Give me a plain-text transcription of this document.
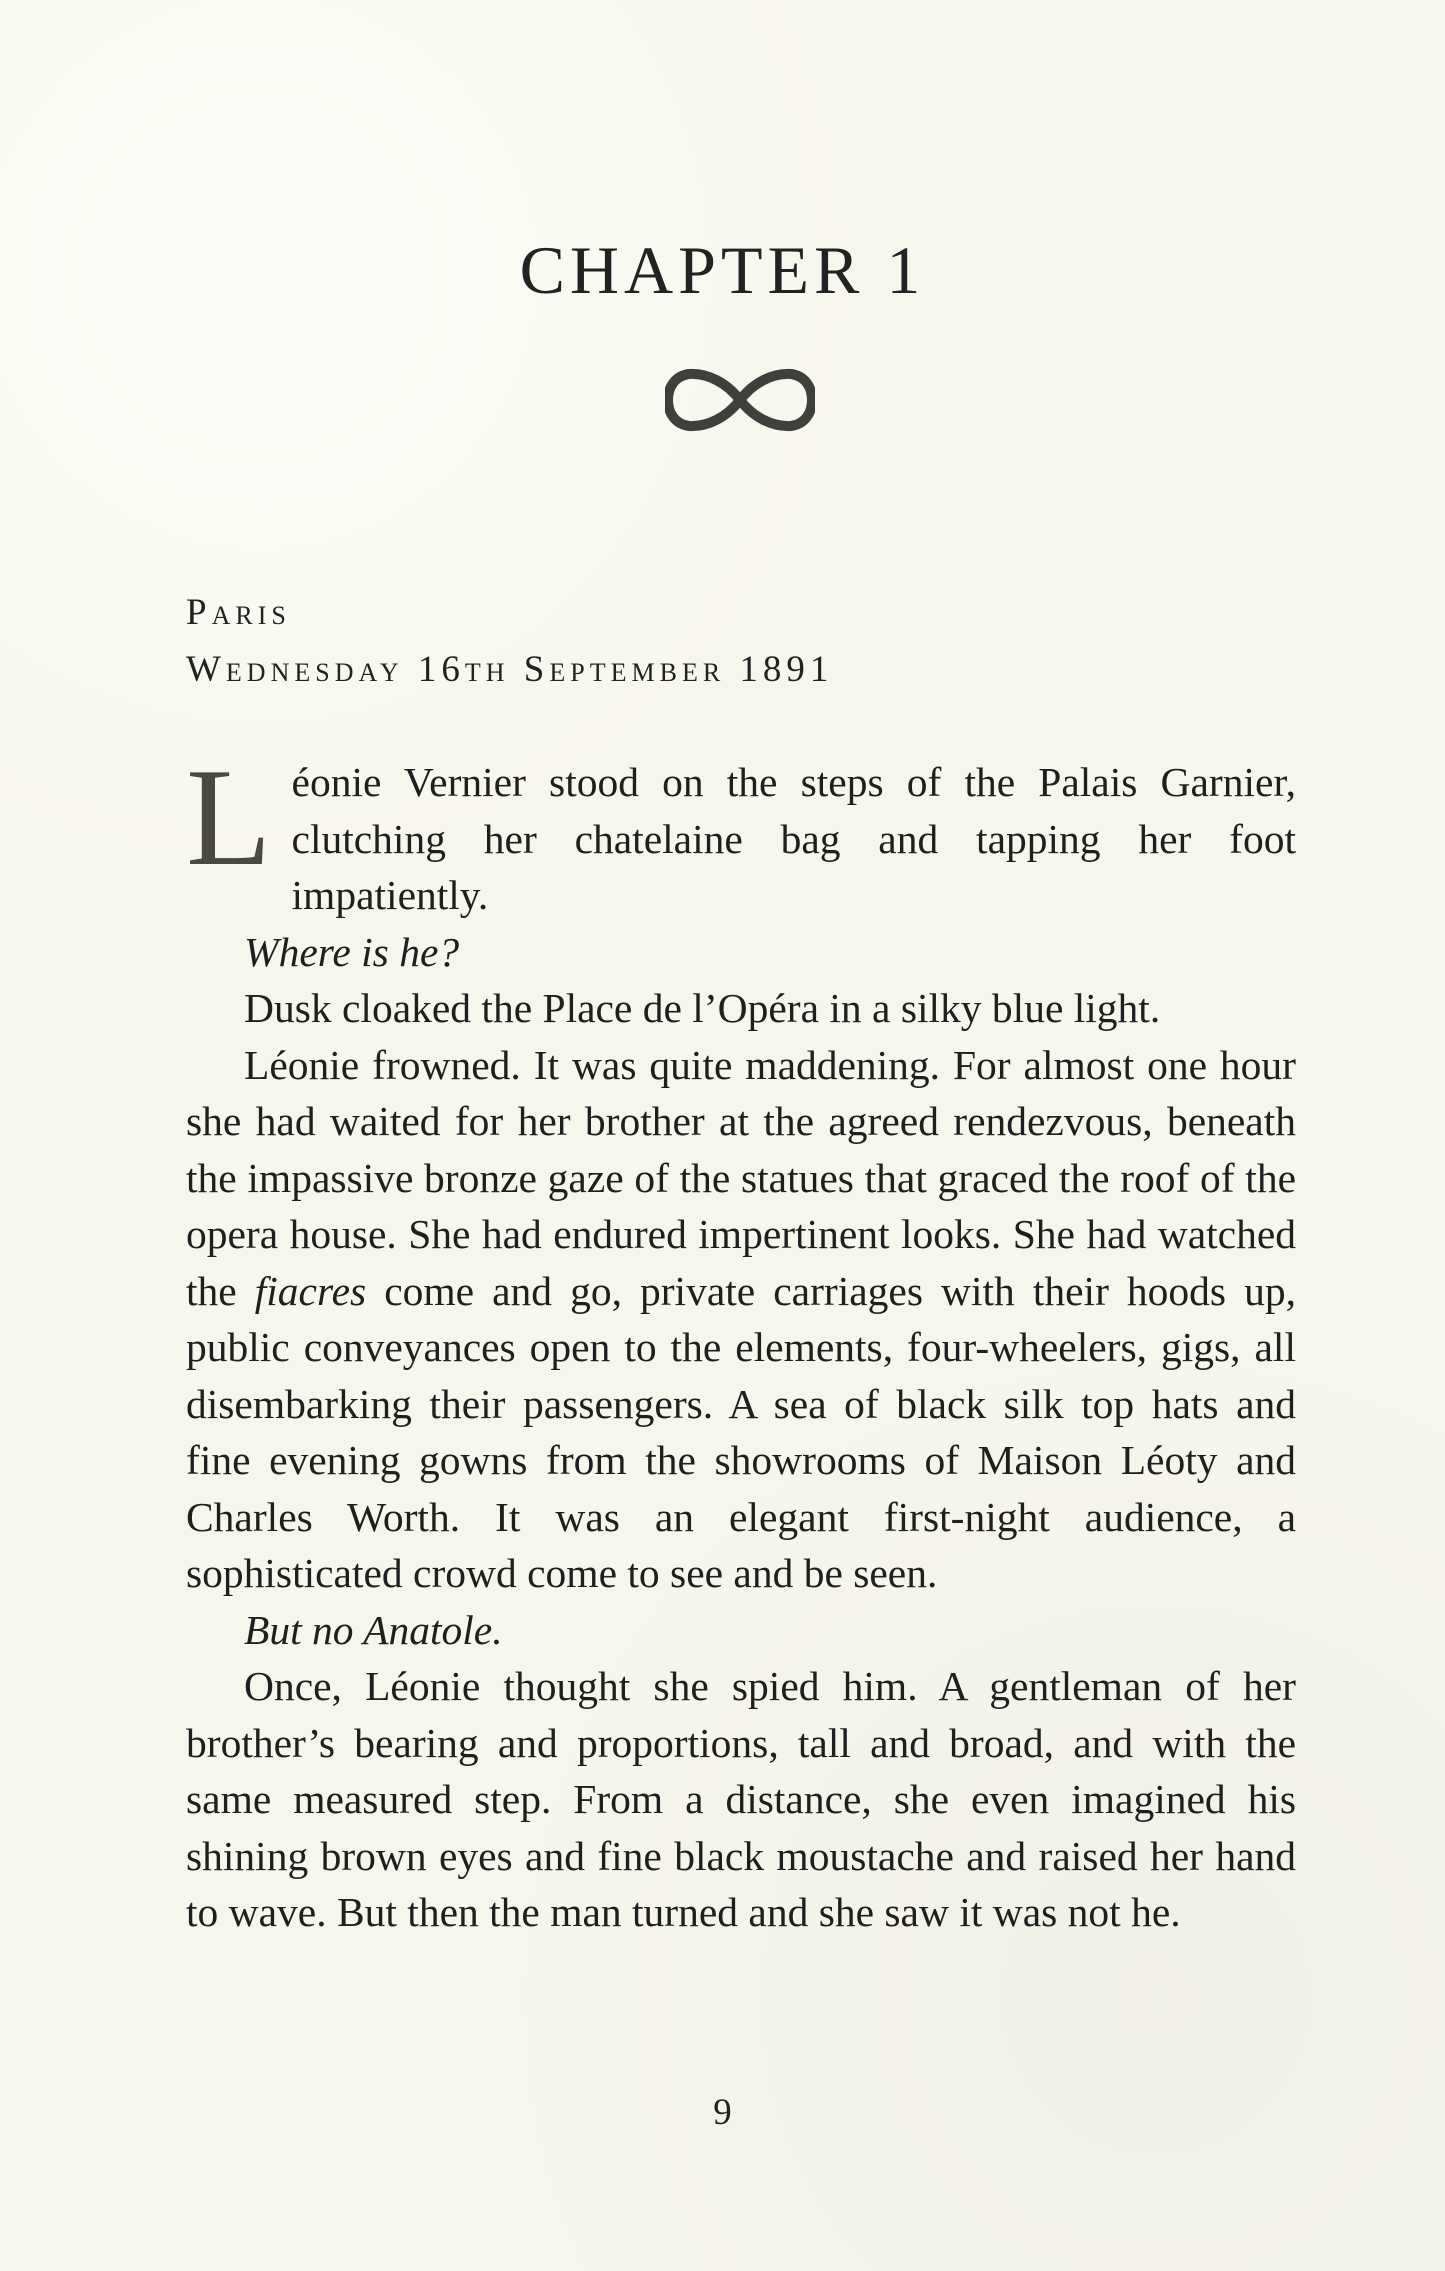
CHAPTER 1
Paris
Wednesday 16th September 1891

Léonie Vernier stood on the steps of the Palais Garnier, clutching her chatelaine bag and tapping her foot impatiently.

Where is he?

Dusk cloaked the Place de l’Opéra in a silky blue light.

Léonie frowned. It was quite maddening. For almost one hour she had waited for her brother at the agreed rendezvous, beneath the impassive bronze gaze of the statues that graced the roof of the opera house. She had endured impertinent looks. She had watched the fiacres come and go, private carriages with their hoods up, public conveyances open to the elements, four-wheelers, gigs, all disembarking their passengers. A sea of black silk top hats and fine evening gowns from the showrooms of Maison Léoty and Charles Worth. It was an elegant first-night audience, a sophisticated crowd come to see and be seen.

But no Anatole.

Once, Léonie thought she spied him. A gentleman of her brother’s bearing and proportions, tall and broad, and with the same measured step. From a distance, she even imagined his shining brown eyes and fine black moustache and raised her hand to wave. But then the man turned and she saw it was not he.

9
